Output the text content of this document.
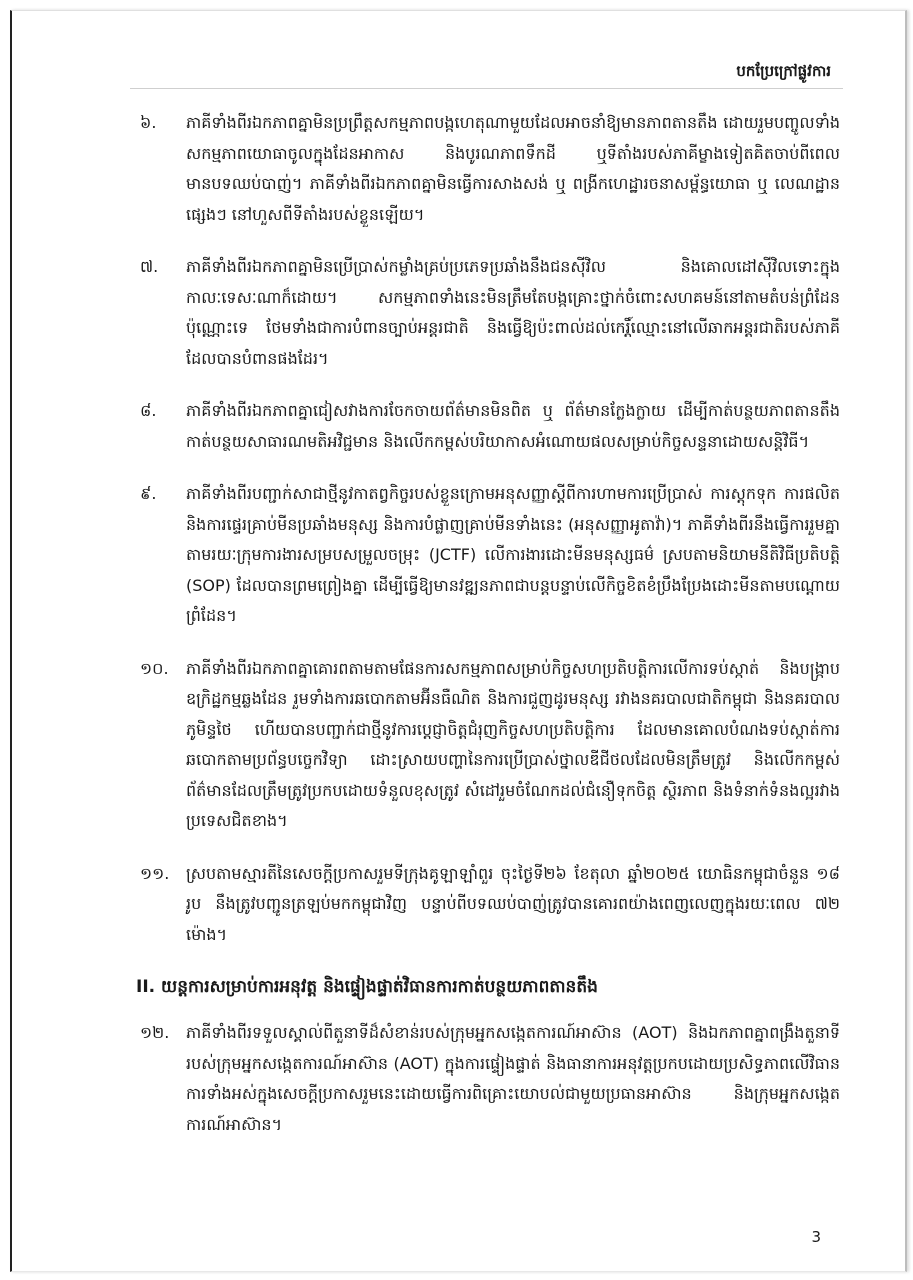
បកប្រែក្រៅផ្លូវការ
៦.	ភាគីទាំងពីរឯកភាពគ្នាមិនប្រព្រឹត្តសកម្មភាពបង្កហេតុណាមួយដែលអាចនាំឱ្យមានភាពតានតឹង ដោយរួមបញ្ចូលទាំងសកម្មភាពយោធាចូលក្នុងដែនអាកាស និងបូរណភាពទឹកដី ឬទីតាំងរបស់ភាគីម្ខាងទៀតគិតចាប់ពីពេលមានបទឈប់បាញ់។ ភាគីទាំងពីរឯកភាពគ្នាមិនធ្វើការសាងសង់ ឬ ពង្រីកហេដ្ឋារចនាសម្ព័ន្ធយោធា ឬ លេណដ្ឋានផ្សេងៗ នៅហួសពីទីតាំងរបស់ខ្លួនឡើយ។
៧.	ភាគីទាំងពីរឯកភាពគ្នាមិនប្រើប្រាស់កម្លាំងគ្រប់ប្រភេទប្រឆាំងនឹងជនស៊ីវិល និងគោលដៅស៊ីវិលទោះក្នុងកាលៈទេសៈណាក៏ដោយ។ សកម្មភាពទាំងនេះមិនត្រឹមតែបង្កគ្រោះថ្នាក់ចំពោះសហគមន៍នៅតាមតំបន់ព្រំដែនប៉ុណ្ណោះទេ ថែមទាំងជាការបំពានច្បាប់អន្តរជាតិ និងធ្វើឱ្យប៉ះពាល់ដល់កេរ្តិ៍ឈ្មោះនៅលើឆាកអន្តរជាតិរបស់ភាគីដែលបានបំពានផងដែរ។
៨.	ភាគីទាំងពីរឯកភាពគ្នាជៀសវាងការចែកចាយព័ត៌មានមិនពិត ឬ ព័ត៌មានក្លែងក្លាយ ដើម្បីកាត់បន្ថយភាពតានតឹង កាត់បន្ថយសាធារណមតិអវិជ្ជមាន និងលើកកម្ពស់បរិយាកាសអំណោយផលសម្រាប់កិច្ចសន្ទនាដោយសន្តិវិធី។
៩.	ភាគីទាំងពីរបញ្ជាក់សាជាថ្មីនូវកាតព្វកិច្ចរបស់ខ្លួនក្រោមអនុសញ្ញាស្តីពីការហាមការប្រើប្រាស់ ការស្តុកទុក ការផលិត និងការផ្ទេរគ្រាប់មីនប្រឆាំងមនុស្ស និងការបំផ្លាញគ្រាប់មីនទាំងនេះ (អនុសញ្ញាអូតាវ៉ា)។ ភាគីទាំងពីរនឹងធ្វើការរួមគ្នាតាមរយៈក្រុមការងារសម្របសម្រួលចម្រុះ (JCTF) លើការងារដោះមីនមនុស្សធម៌ ស្របតាមនិយាមនីតិវិធីប្រតិបត្តិ (SOP) ដែលបានព្រមព្រៀងគ្នា ដើម្បីធ្វើឱ្យមានវឌ្ឍនភាពជាបន្តបន្ទាប់លើកិច្ចខិតខំប្រឹងប្រែងដោះមីនតាមបណ្តោយព្រំដែន។
១០.	ភាគីទាំងពីរឯកភាពគ្នាគោរពតាមតាមផែនការសកម្មភាពសម្រាប់កិច្ចសហប្រតិបត្តិការលើការទប់ស្កាត់ និងបង្ក្រាបឧក្រិដ្ឋកម្មឆ្លងដែន រួមទាំងការឆបោកតាមអ៊ីនធឺណិត និងការជួញដូរមនុស្ស រវាងនគរបាលជាតិកម្ពុជា និងនគរបាលភូមិន្ទថៃ ហើយបានបញ្ជាក់ជាថ្មីនូវការប្តេជ្ញាចិត្តជំរុញកិច្ចសហប្រតិបត្តិការ ដែលមានគោលបំណងទប់ស្កាត់ការឆបោកតាមប្រព័ន្ធបច្ចេកវិទ្យា ដោះស្រាយបញ្ហានៃការប្រើប្រាស់ថ្នាលឌីជីថលដែលមិនត្រឹមត្រូវ និងលើកកម្ពស់ព័ត៌មានដែលត្រឹមត្រូវប្រកបដោយទំនួលខុសត្រូវ សំដៅរួមចំណែកដល់ជំនឿទុកចិត្ត ស្ថិរភាព និងទំនាក់ទំនងល្អរវាងប្រទេសជិតខាង។
១១.	ស្របតាមស្មារតីនៃសេចក្តីប្រកាសរួមទីក្រុងគូឡាឡាំពួរ ចុះថ្ងៃទី២៦ ខែតុលា ឆ្នាំ២០២៥ យោធិនកម្ពុជាចំនួន ១៨ រូប នឹងត្រូវបញ្ជូនត្រឡប់មកកម្ពុជាវិញ បន្ទាប់ពីបទឈប់បាញ់ត្រូវបានគោរពយ៉ាងពេញលេញក្នុងរយៈពេល ៧២ ម៉ោង។
II. យន្តការសម្រាប់ការអនុវត្ត និងផ្ទៀងផ្ទាត់វិធានការកាត់បន្ថយភាពតានតឹង
១២.	ភាគីទាំងពីរទទួលស្គាល់ពីតួនាទីដ៏សំខាន់របស់ក្រុមអ្នកសង្កេតការណ៍អាស៊ាន (AOT) និងឯកភាពគ្នាពង្រឹងតួនាទីរបស់ក្រុមអ្នកសង្កេតការណ៍អាស៊ាន (AOT) ក្នុងការផ្ទៀងផ្ទាត់ និងធានាការអនុវត្តប្រកបដោយប្រសិទ្ធភាពលើវិធានការទាំងអស់ក្នុងសេចក្តីប្រកាសរួមនេះដោយធ្វើការពិគ្រោះយោបល់ជាមួយប្រធានអាស៊ាន និងក្រុមអ្នកសង្កេតការណ៍អាស៊ាន។
3
